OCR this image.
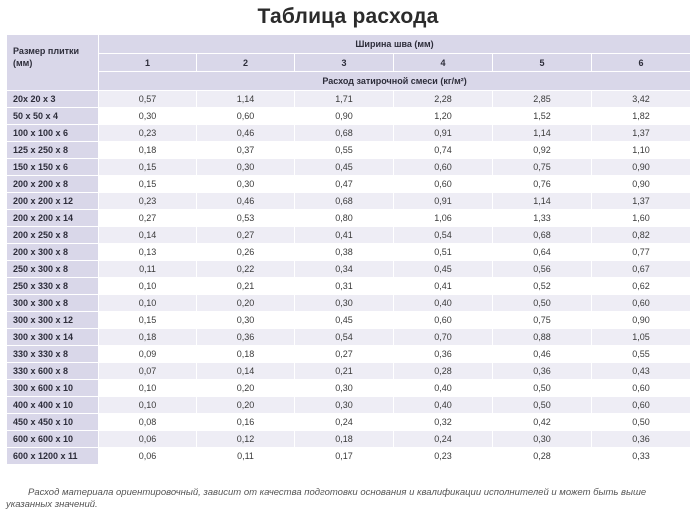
Таблица расхода
Размер плитки (мм)	Ширина шва (мм)					
	1	2	3	4	5	6
	Расход затирочной смеси (кг/м²)					
20x 20 x 3	0,57	1,14	1,71	2,28	2,85	3,42
50 x 50 x 4	0,30	0,60	0,90	1,20	1,52	1,82
100 x 100 x 6	0,23	0,46	0,68	0,91	1,14	1,37
125 x 250 x 8	0,18	0,37	0,55	0,74	0,92	1,10
150 x 150 x 6	0,15	0,30	0,45	0,60	0,75	0,90
200 x 200 x 8	0,15	0,30	0,47	0,60	0,76	0,90
200 x 200 x 12	0,23	0,46	0,68	0,91	1,14	1,37
200 x 200 x 14	0,27	0,53	0,80	1,06	1,33	1,60
200 x 250 x 8	0,14	0,27	0,41	0,54	0,68	0,82
200 x 300 x 8	0,13	0,26	0,38	0,51	0,64	0,77
250 x 300 x 8	0,11	0,22	0,34	0,45	0,56	0,67
250 x 330 x 8	0,10	0,21	0,31	0,41	0,52	0,62
300 x 300 x 8	0,10	0,20	0,30	0,40	0,50	0,60
300 x 300 x 12	0,15	0,30	0,45	0,60	0,75	0,90
300 x 300 x 14	0,18	0,36	0,54	0,70	0,88	1,05
330 x 330 x 8	0,09	0,18	0,27	0,36	0,46	0,55
330 x 600 x 8	0,07	0,14	0,21	0,28	0,36	0,43
300 x 600 x 10	0,10	0,20	0,30	0,40	0,50	0,60
400 x 400 x 10	0,10	0,20	0,30	0,40	0,50	0,60
450 x 450 x 10	0,08	0,16	0,24	0,32	0,42	0,50
600 x 600 x 10	0,06	0,12	0,18	0,24	0,30	0,36
600 x 1200 x 11	0,06	0,11	0,17	0,23	0,28	0,33
Расход материала ориентировочный, зависит от качества подготовки основания и квалификации исполнителей и может быть выше указанных значений.
